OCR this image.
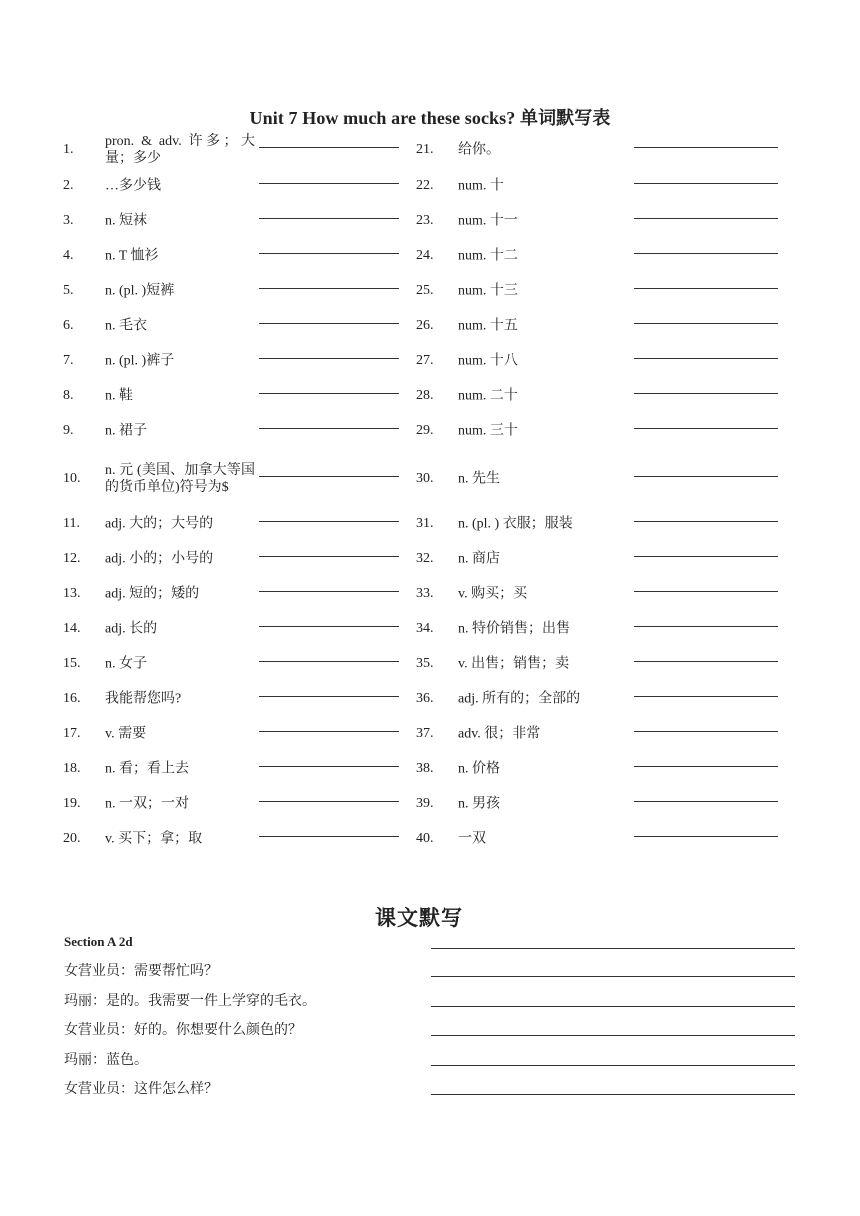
Unit 7 How much are these socks? 单词默写表
1.
pron. & adv. 许多；大量；多少
2. …多少钱
3. n. 短袜
4. n. T 恤衫
5. n. (pl. )短裤
6. n. 毛衣
7. n. (pl. )裤子
8. n. 鞋
9. n. 裙子
10.
n. 元 (美国、加拿大等国的货币单位)符号为$
11. adj. 大的；大号的
12. adj. 小的；小号的
13. adj. 短的；矮的
14. adj. 长的
15. n. 女子
16. 我能帮您吗?
17. v. 需要
18. n. 看；看上去
19. n. 一双；一对
20. v. 买下；拿；取
21. 给你。
22. num. 十
23. num. 十一
24. num. 十二
25. num. 十三
26. num. 十五
27. num. 十八
28. num. 二十
29. num. 三十
30. n. 先生
31. n. (pl. ) 衣服；服装
32. n. 商店
33. v. 购买；买
34. n. 特价销售；出售
35. v. 出售；销售；卖
36. adj. 所有的；全部的
37. adv. 很；非常
38. n. 价格
39. n. 男孩
40. 一双
课文默写
Section A 2d
女营业员：需要帮忙吗？
玛丽：是的。我需要一件上学穿的毛衣。
女营业员：好的。你想要什么颜色的？
玛丽：蓝色。
女营业员：这件怎么样？
